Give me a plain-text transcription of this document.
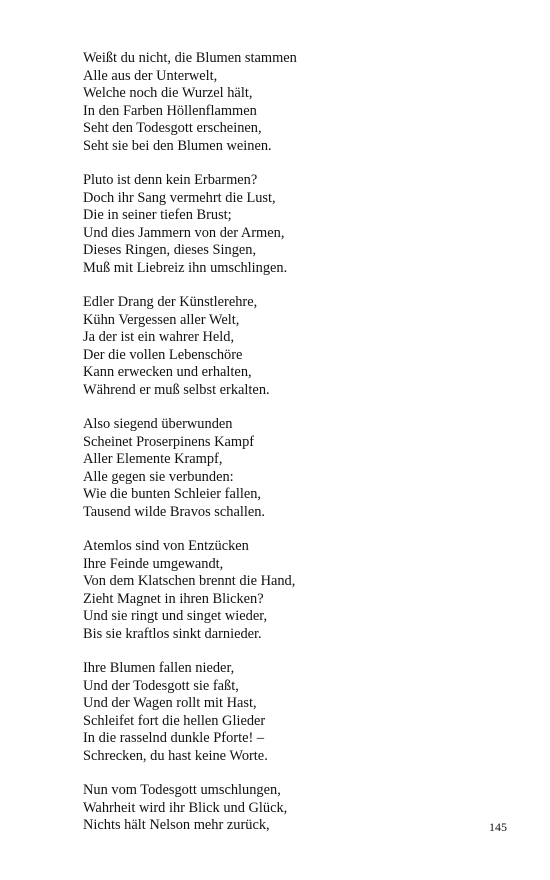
Weißt du nicht, die Blumen stammen
Alle aus der Unterwelt,
Welche noch die Wurzel hält,
In den Farben Höllenflammen
Seht den Todesgott erscheinen,
Seht sie bei den Blumen weinen.
Pluto ist denn kein Erbarmen?
Doch ihr Sang vermehrt die Lust,
Die in seiner tiefen Brust;
Und dies Jammern von der Armen,
Dieses Ringen, dieses Singen,
Muß mit Liebreiz ihn umschlingen.
Edler Drang der Künstlerehre,
Kühn Vergessen aller Welt,
Ja der ist ein wahrer Held,
Der die vollen Lebenschöre
Kann erwecken und erhalten,
Während er muß selbst erkalten.
Also siegend überwunden
Scheinet Proserpinens Kampf
Aller Elemente Krampf,
Alle gegen sie verbunden:
Wie die bunten Schleier fallen,
Tausend wilde Bravos schallen.
Atemlos sind von Entzücken
Ihre Feinde umgewandt,
Von dem Klatschen brennt die Hand,
Zieht Magnet in ihren Blicken?
Und sie ringt und singet wieder,
Bis sie kraftlos sinkt darnieder.
Ihre Blumen fallen nieder,
Und der Todesgott sie faßt,
Und der Wagen rollt mit Hast,
Schleifet fort die hellen Glieder
In die rasselnd dunkle Pforte! –
Schrecken, du hast keine Worte.
Nun vom Todesgott umschlungen,
Wahrheit wird ihr Blick und Glück,
Nichts hält Nelson mehr zurück,	145
